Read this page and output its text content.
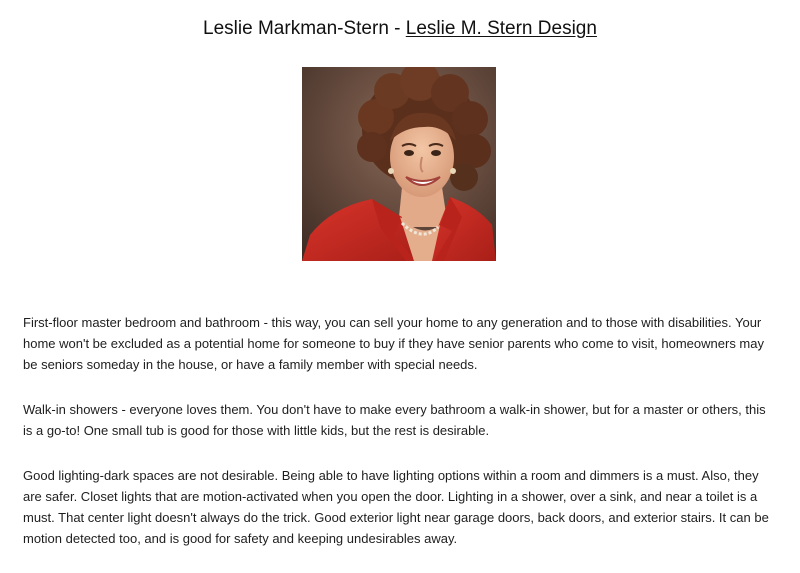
Leslie Markman-Stern - Leslie M. Stern Design

First-floor master bedroom and bathroom - this way, you can sell your home to any generation and to those with disabilities. Your home won't be excluded as a potential home for someone to buy if they have senior parents who come to visit, homeowners may be seniors someday in the house, or have a family member with special needs.

Walk-in showers - everyone loves them. You don't have to make every bathroom a walk-in shower, but for a master or others, this is a go-to! One small tub is good for those with little kids, but the rest is desirable.

Good lighting-dark spaces are not desirable. Being able to have lighting options within a room and dimmers is a must. Also, they are safer. Closet lights that are motion-activated when you open the door. Lighting in a shower, over a sink, and near a toilet is a must. That center light doesn't always do the trick. Good exterior light near garage doors, back doors, and exterior stairs. It can be motion detected too, and is good for safety and keeping undesirables away.
